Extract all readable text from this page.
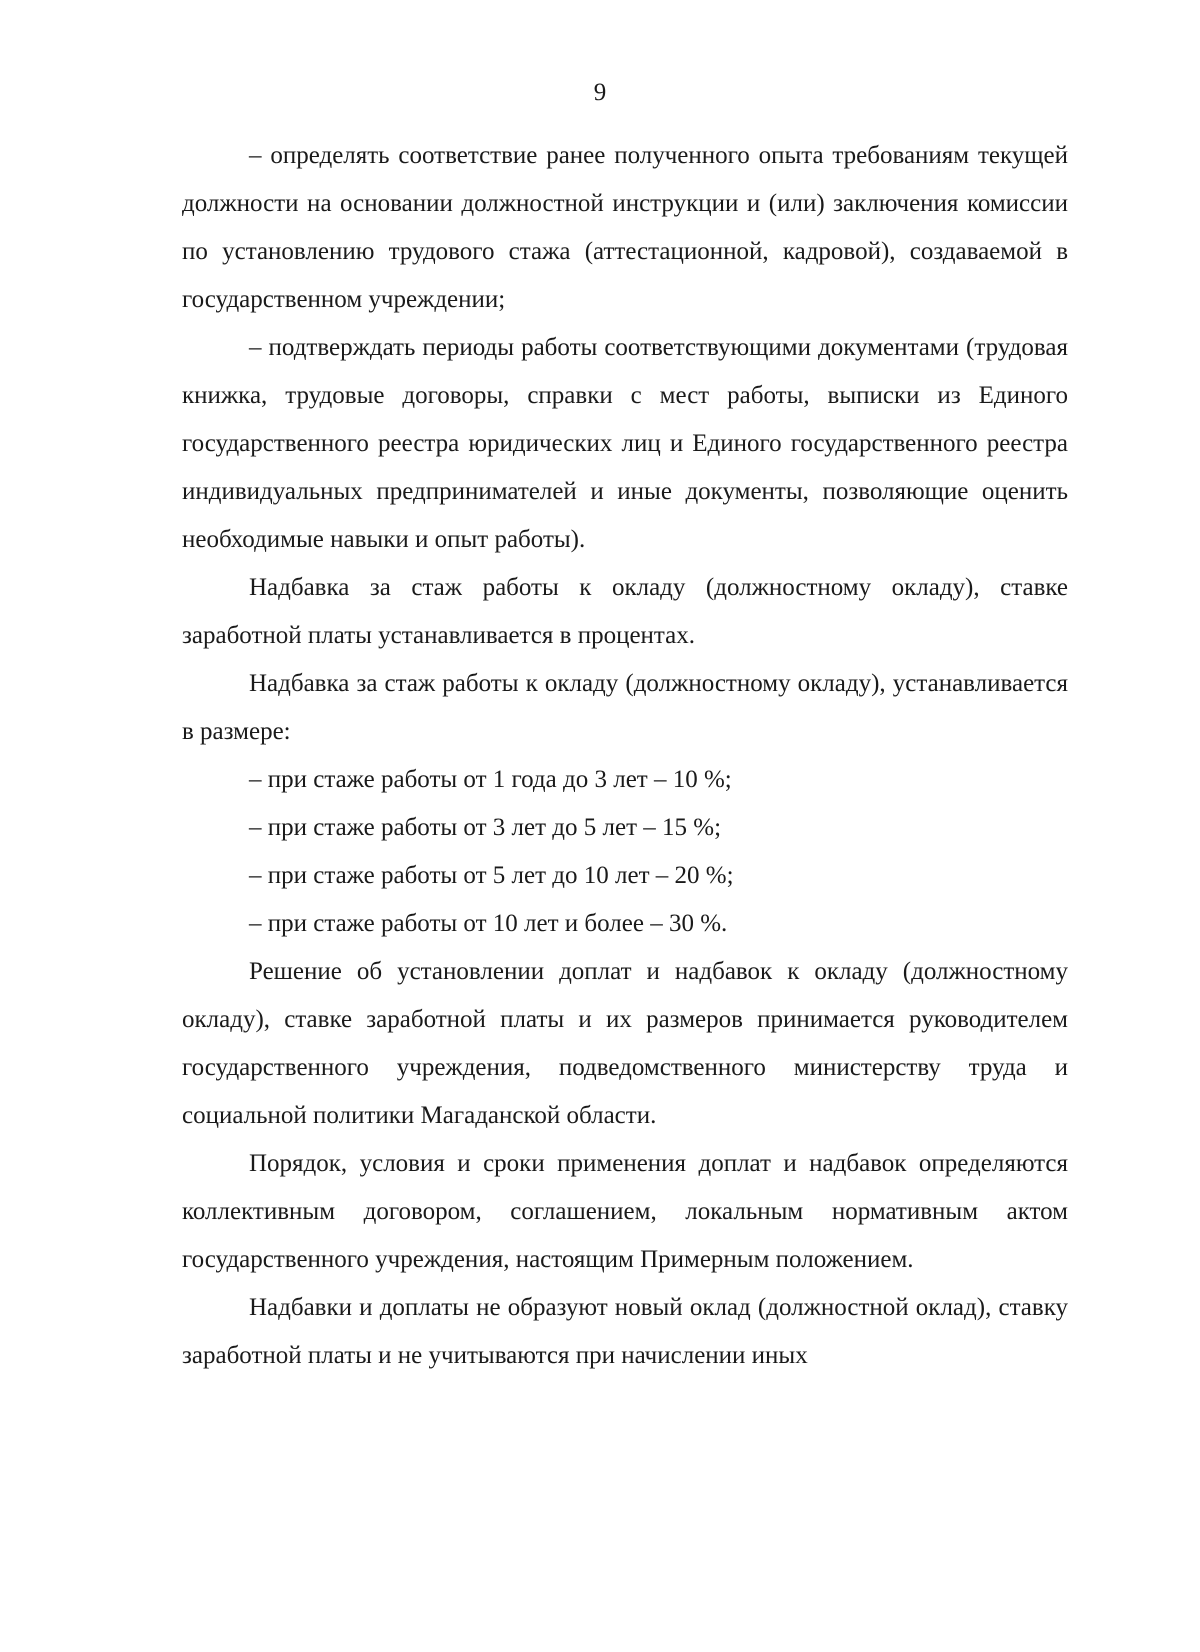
9

– определять соответствие ранее полученного опыта требованиям текущей должности на основании должностной инструкции и (или) заключения комиссии по установлению трудового стажа (аттестационной, кадровой), создаваемой в государственном учреждении;

– подтверждать периоды работы соответствующими документами (трудовая книжка, трудовые договоры, справки с мест работы, выписки из Единого государственного реестра юридических лиц и Единого государственного реестра индивидуальных предпринимателей и иные документы, позволяющие оценить необходимые навыки и опыт работы).

Надбавка за стаж работы к окладу (должностному окладу), ставке заработной платы устанавливается в процентах.

Надбавка за стаж работы к окладу (должностному окладу), устанавливается в размере:

– при стаже работы от 1 года до 3 лет – 10 %;

– при стаже работы от 3 лет до 5 лет – 15 %;

– при стаже работы от 5 лет до 10 лет – 20 %;

– при стаже работы от 10 лет и более – 30 %.

Решение об установлении доплат и надбавок к окладу (должностному окладу), ставке заработной платы и их размеров принимается руководителем государственного учреждения, подведомственного министерству труда и социальной политики Магаданской области.

Порядок, условия и сроки применения доплат и надбавок определяются коллективным договором, соглашением, локальным нормативным актом государственного учреждения, настоящим Примерным положением.

Надбавки и доплаты не образуют новый оклад (должностной оклад), ставку заработной платы и не учитываются при начислении иных
